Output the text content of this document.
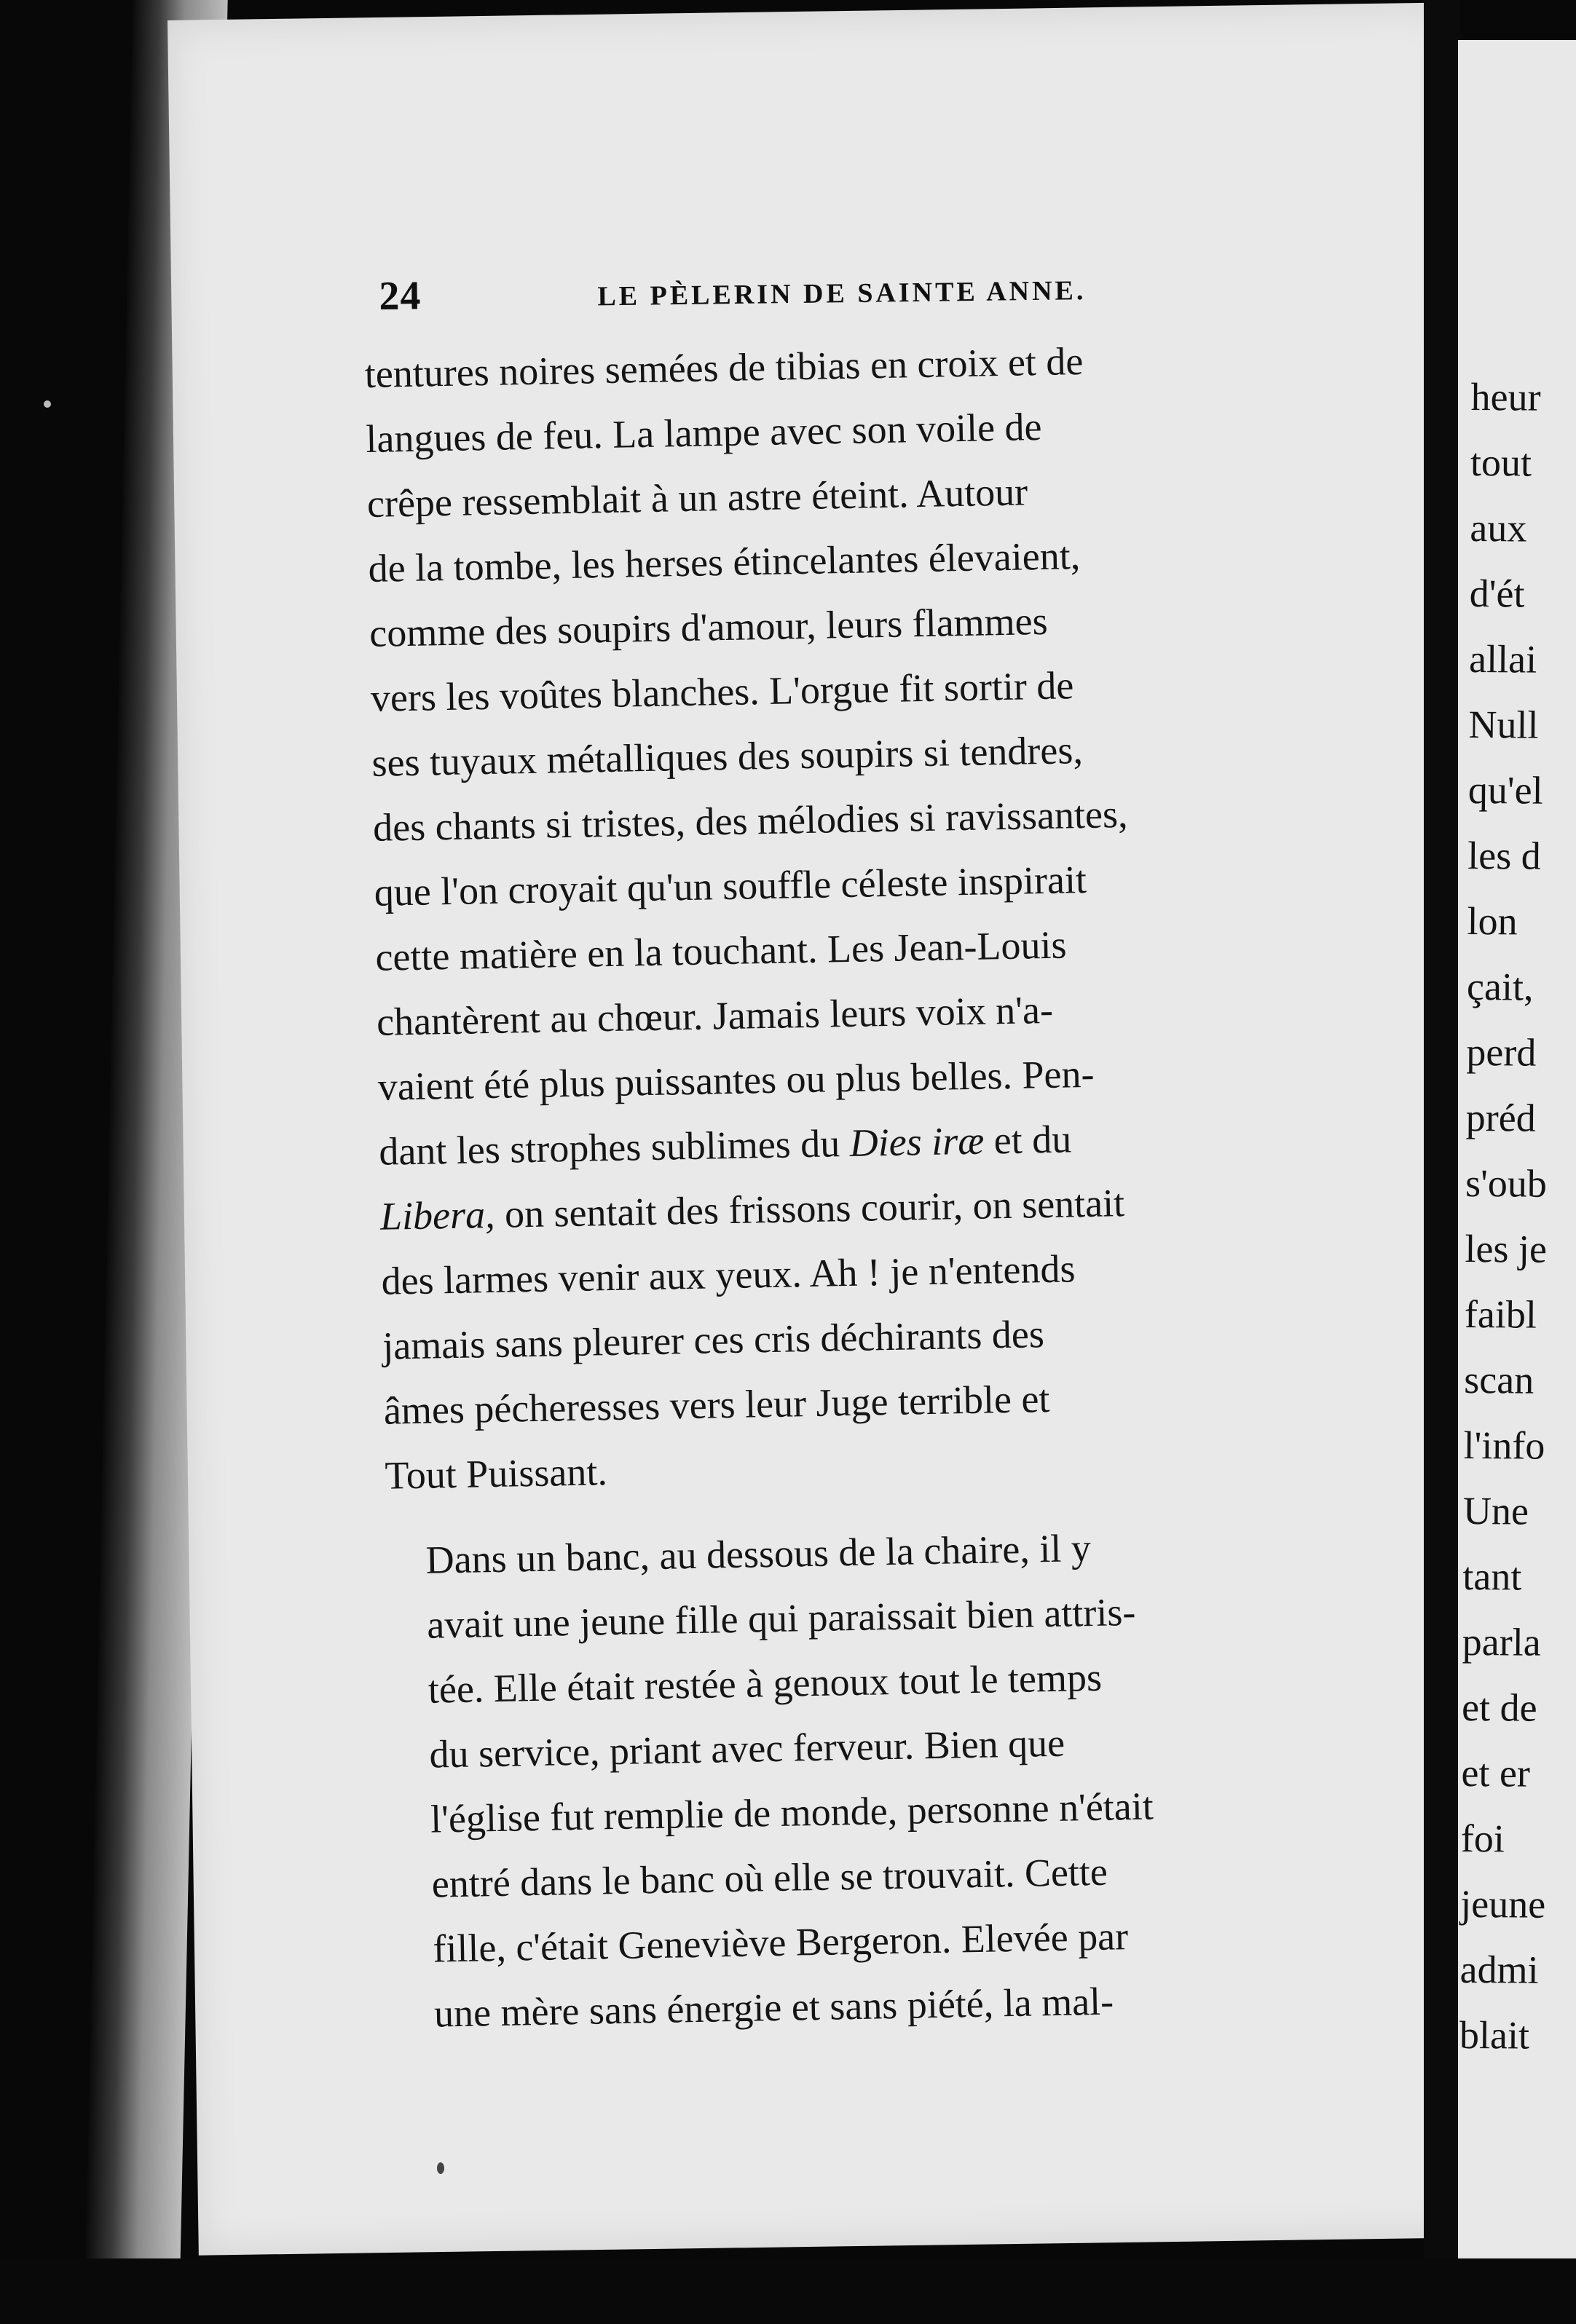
24	LE PÈLERIN DE SAINTE ANNE.

tentures noires semées de tibias en croix et de
langues de feu. La lampe avec son voile de
crêpe ressemblait à un astre éteint. Autour
de la tombe, les herses étincelantes élevaient,
comme des soupirs d'amour, leurs flammes
vers les voûtes blanches. L'orgue fit sortir de
ses tuyaux métalliques des soupirs si tendres,
des chants si tristes, des mélodies si ravissantes,
que l'on croyait qu'un souffle céleste inspirait
cette matière en la touchant. Les Jean-Louis
chantèrent au chœur. Jamais leurs voix n'a-
vaient été plus puissantes ou plus belles. Pen-
dant les strophes sublimes du Dies iræ et du
Libera, on sentait des frissons courir, on sentait
des larmes venir aux yeux. Ah ! je n'entends
jamais sans pleurer ces cris déchirants des
âmes pécheresses vers leur Juge terrible et
Tout Puissant.

Dans un banc, au dessous de la chaire, il y
avait une jeune fille qui paraissait bien attris-
tée. Elle était restée à genoux tout le temps
du service, priant avec ferveur. Bien que
l'église fut remplie de monde, personne n'était
entré dans le banc où elle se trouvait. Cette
fille, c'était Geneviève Bergeron. Elevée par
une mère sans énergie et sans piété, la mal-

heur
tout
aux
d'ét
allai
Null
qu'el
les d
lon
çait,
perd
préd
s'oub
les je
faibl
scan
l'info
Une
tant
parla
et de
et er
foi
jeune
admi
blait
